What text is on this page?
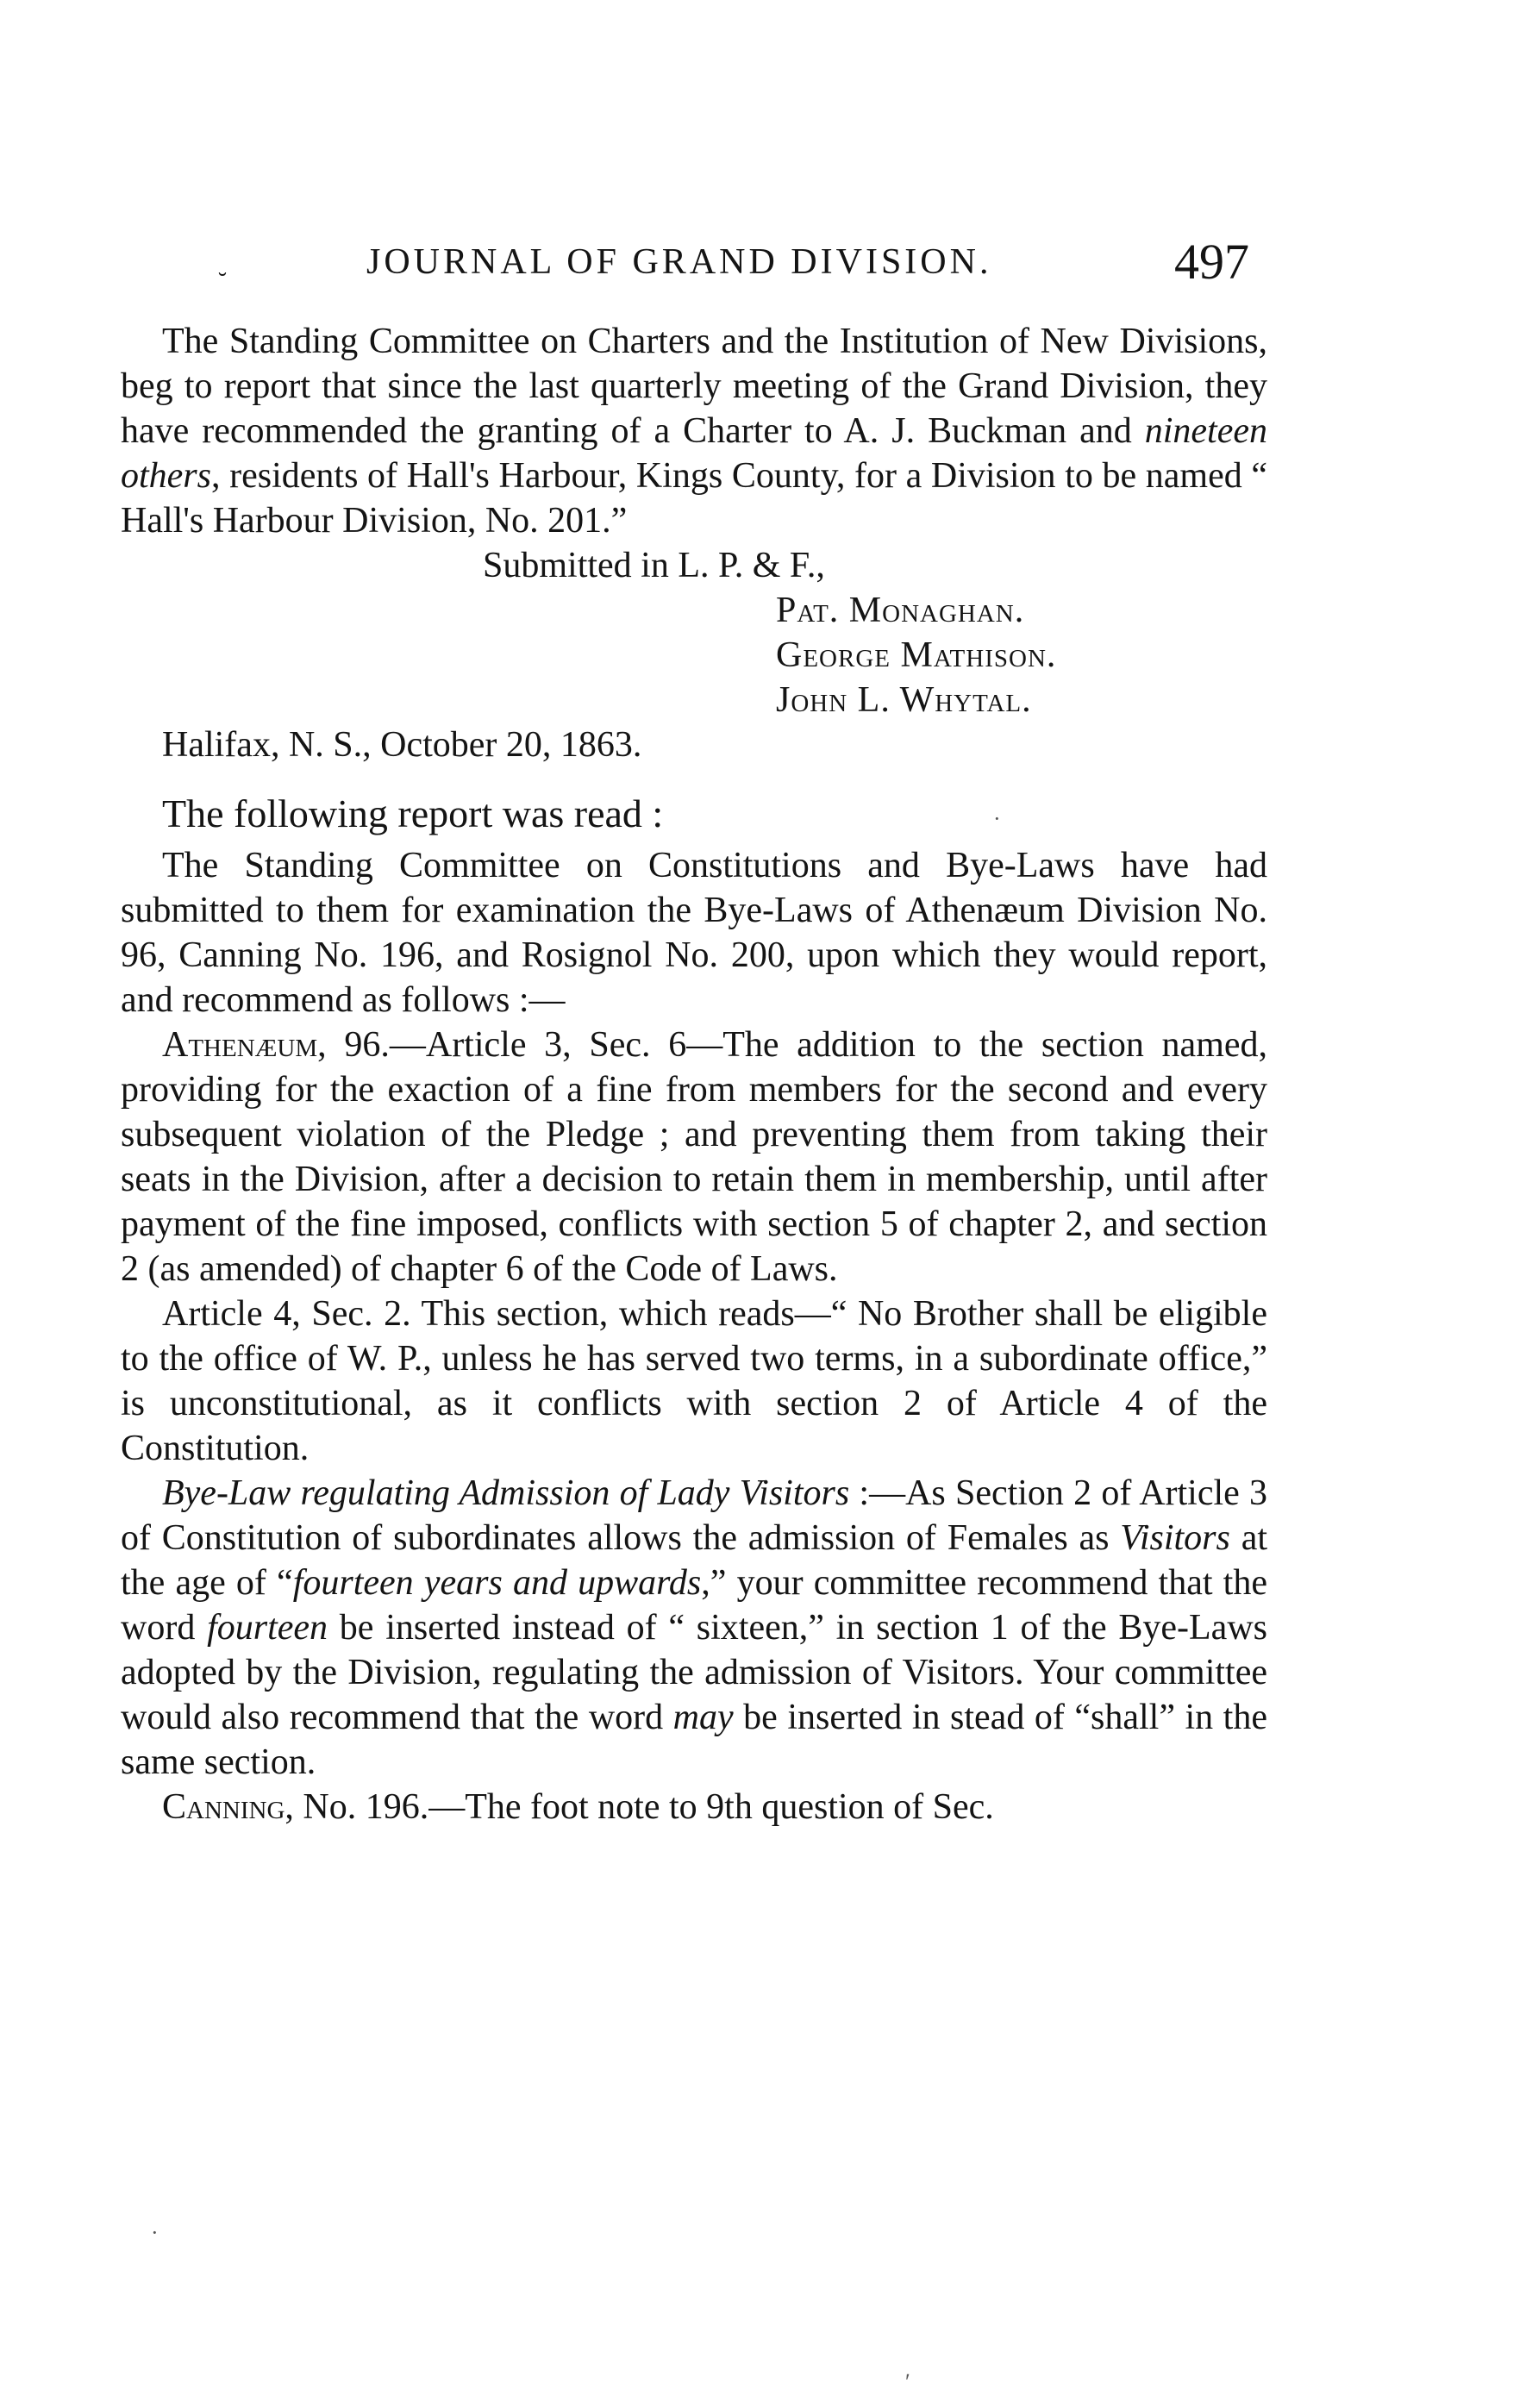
˘	JOURNAL OF GRAND DIVISION.	497

The Standing Committee on Charters and the Institution of New Divisions, beg to report that since the last quarterly meeting of the Grand Division, they have recommended the granting of a Charter to A. J. Buckman and nineteen others, residents of Hall's Harbour, Kings County, for a Division to be named “ Hall's Harbour Division, No. 201.”

Submitted in L. P. & F.,

Pat. Monaghan.
George Mathison.
John L. Whytal.

Halifax, N. S., October 20, 1863.

The following report was read :

The Standing Committee on Constitutions and Bye-Laws have had submitted to them for examination the Bye-Laws of Athenæum Division No. 96, Canning No. 196, and Rosignol No. 200, upon which they would report, and recommend as follows :—

Athenæum, 96.—Article 3, Sec. 6—The addition to the section named, providing for the exaction of a fine from members for the second and every subsequent violation of the Pledge ; and preventing them from taking their seats in the Division, after a decision to retain them in membership, until after payment of the fine imposed, conflicts with section 5 of chapter 2, and section 2 (as amended) of chapter 6 of the Code of Laws.

Article 4, Sec. 2. This section, which reads—“ No Brother shall be eligible to the office of W. P., unless he has served two terms, in a subordinate office,” is unconstitutional, as it conflicts with section 2 of Article 4 of the Constitution.

Bye-Law regulating Admission of Lady Visitors :—As Section 2 of Article 3 of Constitution of subordinates allows the admission of Females as Visitors at the age of “fourteen years and upwards,” your committee recommend that the word fourteen be inserted instead of “ sixteen,” in section 1 of the Bye-Laws adopted by the Division, regulating the admission of Visitors. Your committee would also recommend that the word may be inserted in stead of “shall” in the same section.

Canning, No. 196.—The foot note to 9th question of Sec.

·
·
ʹ
